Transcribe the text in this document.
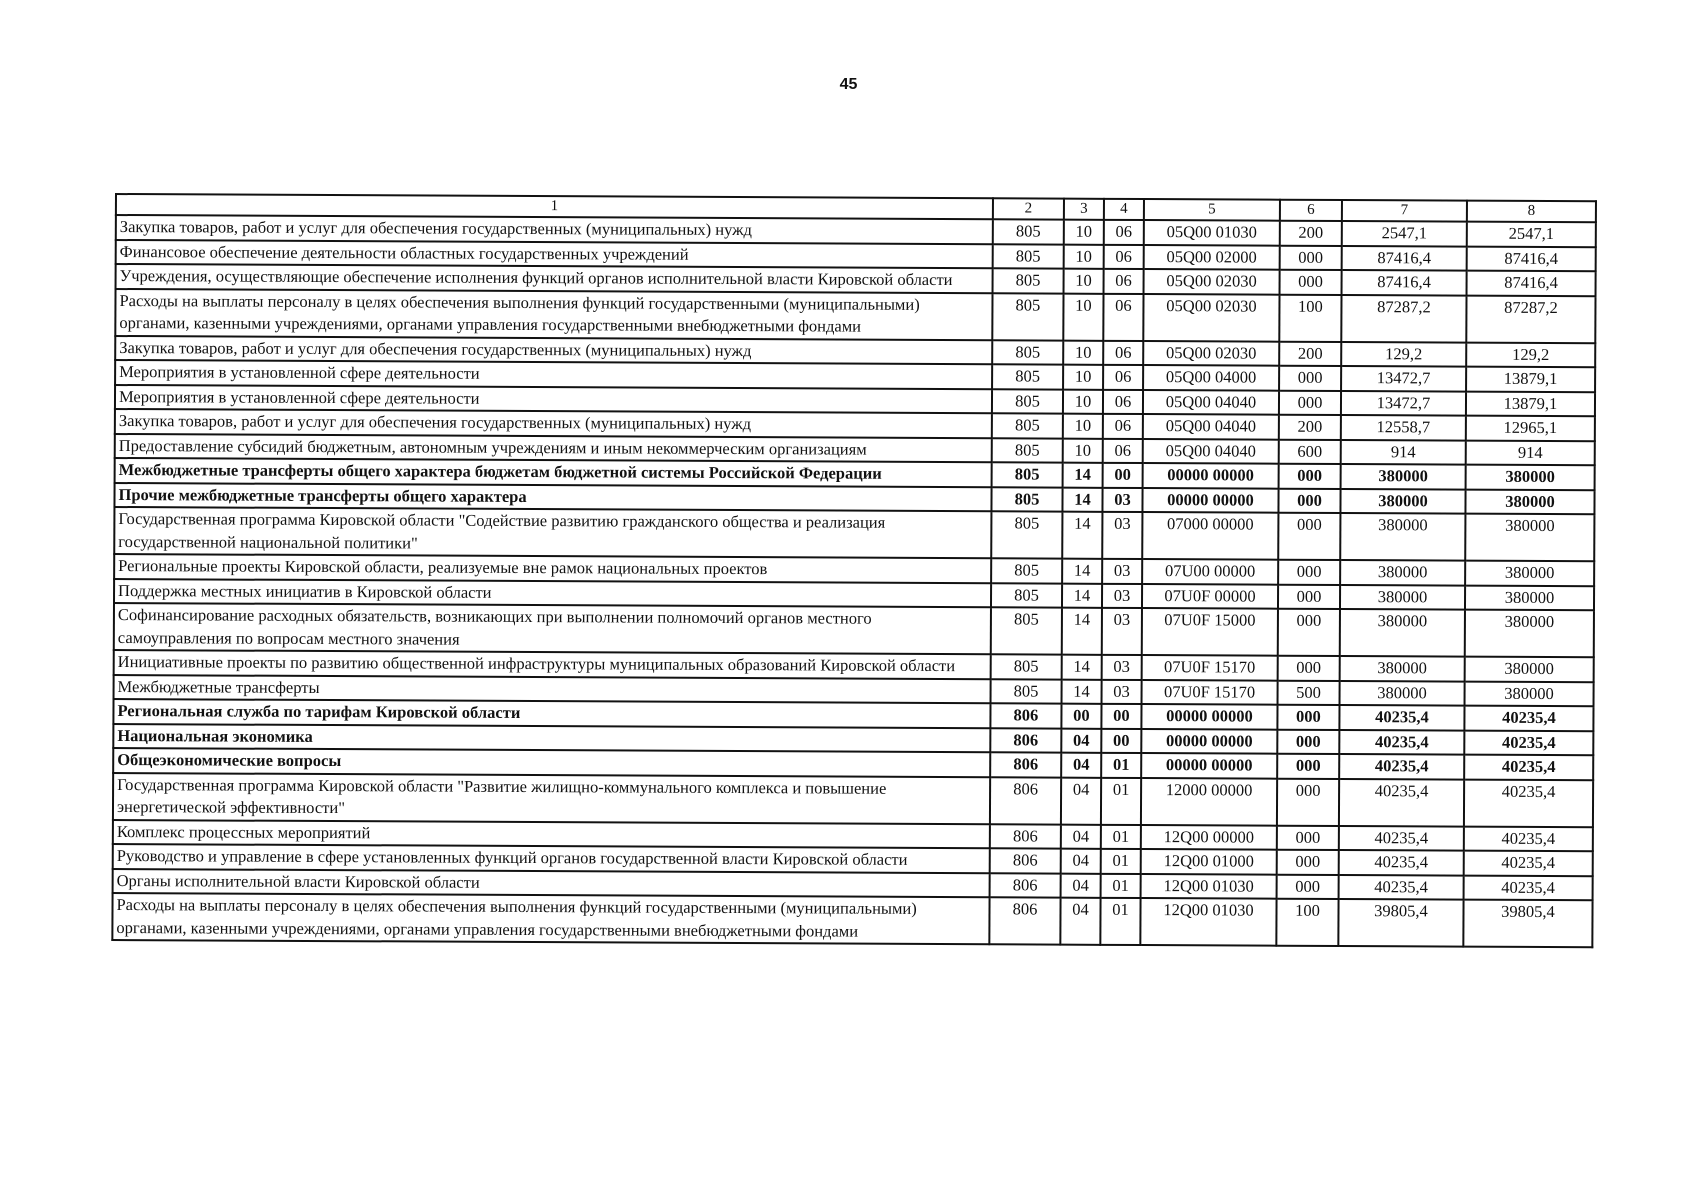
45
1	2	3	4	5	6	7	8
Закупка товаров, работ и услуг для обеспечения государственных (муниципальных) нужд	805	10	06	05Q00 01030	200	2547,1	2547,1
Финансовое обеспечение деятельности областных государственных учреждений	805	10	06	05Q00 02000	000	87416,4	87416,4
Учреждения, осуществляющие обеспечение исполнения функций органов исполнительной власти Кировской области	805	10	06	05Q00 02030	000	87416,4	87416,4
Расходы на выплаты персоналу в целях обеспечения выполнения функций государственными (муниципальными) органами, казенными учреждениями, органами управления государственными внебюджетными фондами	805	10	06	05Q00 02030	100	87287,2	87287,2
Закупка товаров, работ и услуг для обеспечения государственных (муниципальных) нужд	805	10	06	05Q00 02030	200	129,2	129,2
Мероприятия в установленной сфере деятельности	805	10	06	05Q00 04000	000	13472,7	13879,1
Мероприятия в установленной сфере деятельности	805	10	06	05Q00 04040	000	13472,7	13879,1
Закупка товаров, работ и услуг для обеспечения государственных (муниципальных) нужд	805	10	06	05Q00 04040	200	12558,7	12965,1
Предоставление субсидий бюджетным, автономным учреждениям и иным некоммерческим организациям	805	10	06	05Q00 04040	600	914	914
Межбюджетные трансферты общего характера бюджетам бюджетной системы Российской Федерации	805	14	00	00000 00000	000	380000	380000
Прочие межбюджетные трансферты общего характера	805	14	03	00000 00000	000	380000	380000
Государственная программа Кировской области "Содействие развитию гражданского общества и реализация государственной национальной политики"	805	14	03	07000 00000	000	380000	380000
Региональные проекты Кировской области, реализуемые вне рамок национальных проектов	805	14	03	07U00 00000	000	380000	380000
Поддержка местных инициатив в Кировской области	805	14	03	07U0F 00000	000	380000	380000
Софинансирование расходных обязательств, возникающих при выполнении полномочий органов местного самоуправления по вопросам местного значения	805	14	03	07U0F 15000	000	380000	380000
Инициативные проекты по развитию общественной инфраструктуры муниципальных образований Кировской области	805	14	03	07U0F 15170	000	380000	380000
Межбюджетные трансферты	805	14	03	07U0F 15170	500	380000	380000
Региональная служба по тарифам Кировской области	806	00	00	00000 00000	000	40235,4	40235,4
Национальная экономика	806	04	00	00000 00000	000	40235,4	40235,4
Общеэкономические вопросы	806	04	01	00000 00000	000	40235,4	40235,4
Государственная программа Кировской области "Развитие жилищно-коммунального комплекса и повышение энергетической эффективности"	806	04	01	12000 00000	000	40235,4	40235,4
Комплекс процессных мероприятий	806	04	01	12Q00 00000	000	40235,4	40235,4
Руководство и управление в сфере установленных функций органов государственной власти Кировской области	806	04	01	12Q00 01000	000	40235,4	40235,4
Органы исполнительной власти Кировской области	806	04	01	12Q00 01030	000	40235,4	40235,4
Расходы на выплаты персоналу в целях обеспечения выполнения функций государственными (муниципальными) органами, казенными учреждениями, органами управления государственными внебюджетными фондами	806	04	01	12Q00 01030	100	39805,4	39805,4
